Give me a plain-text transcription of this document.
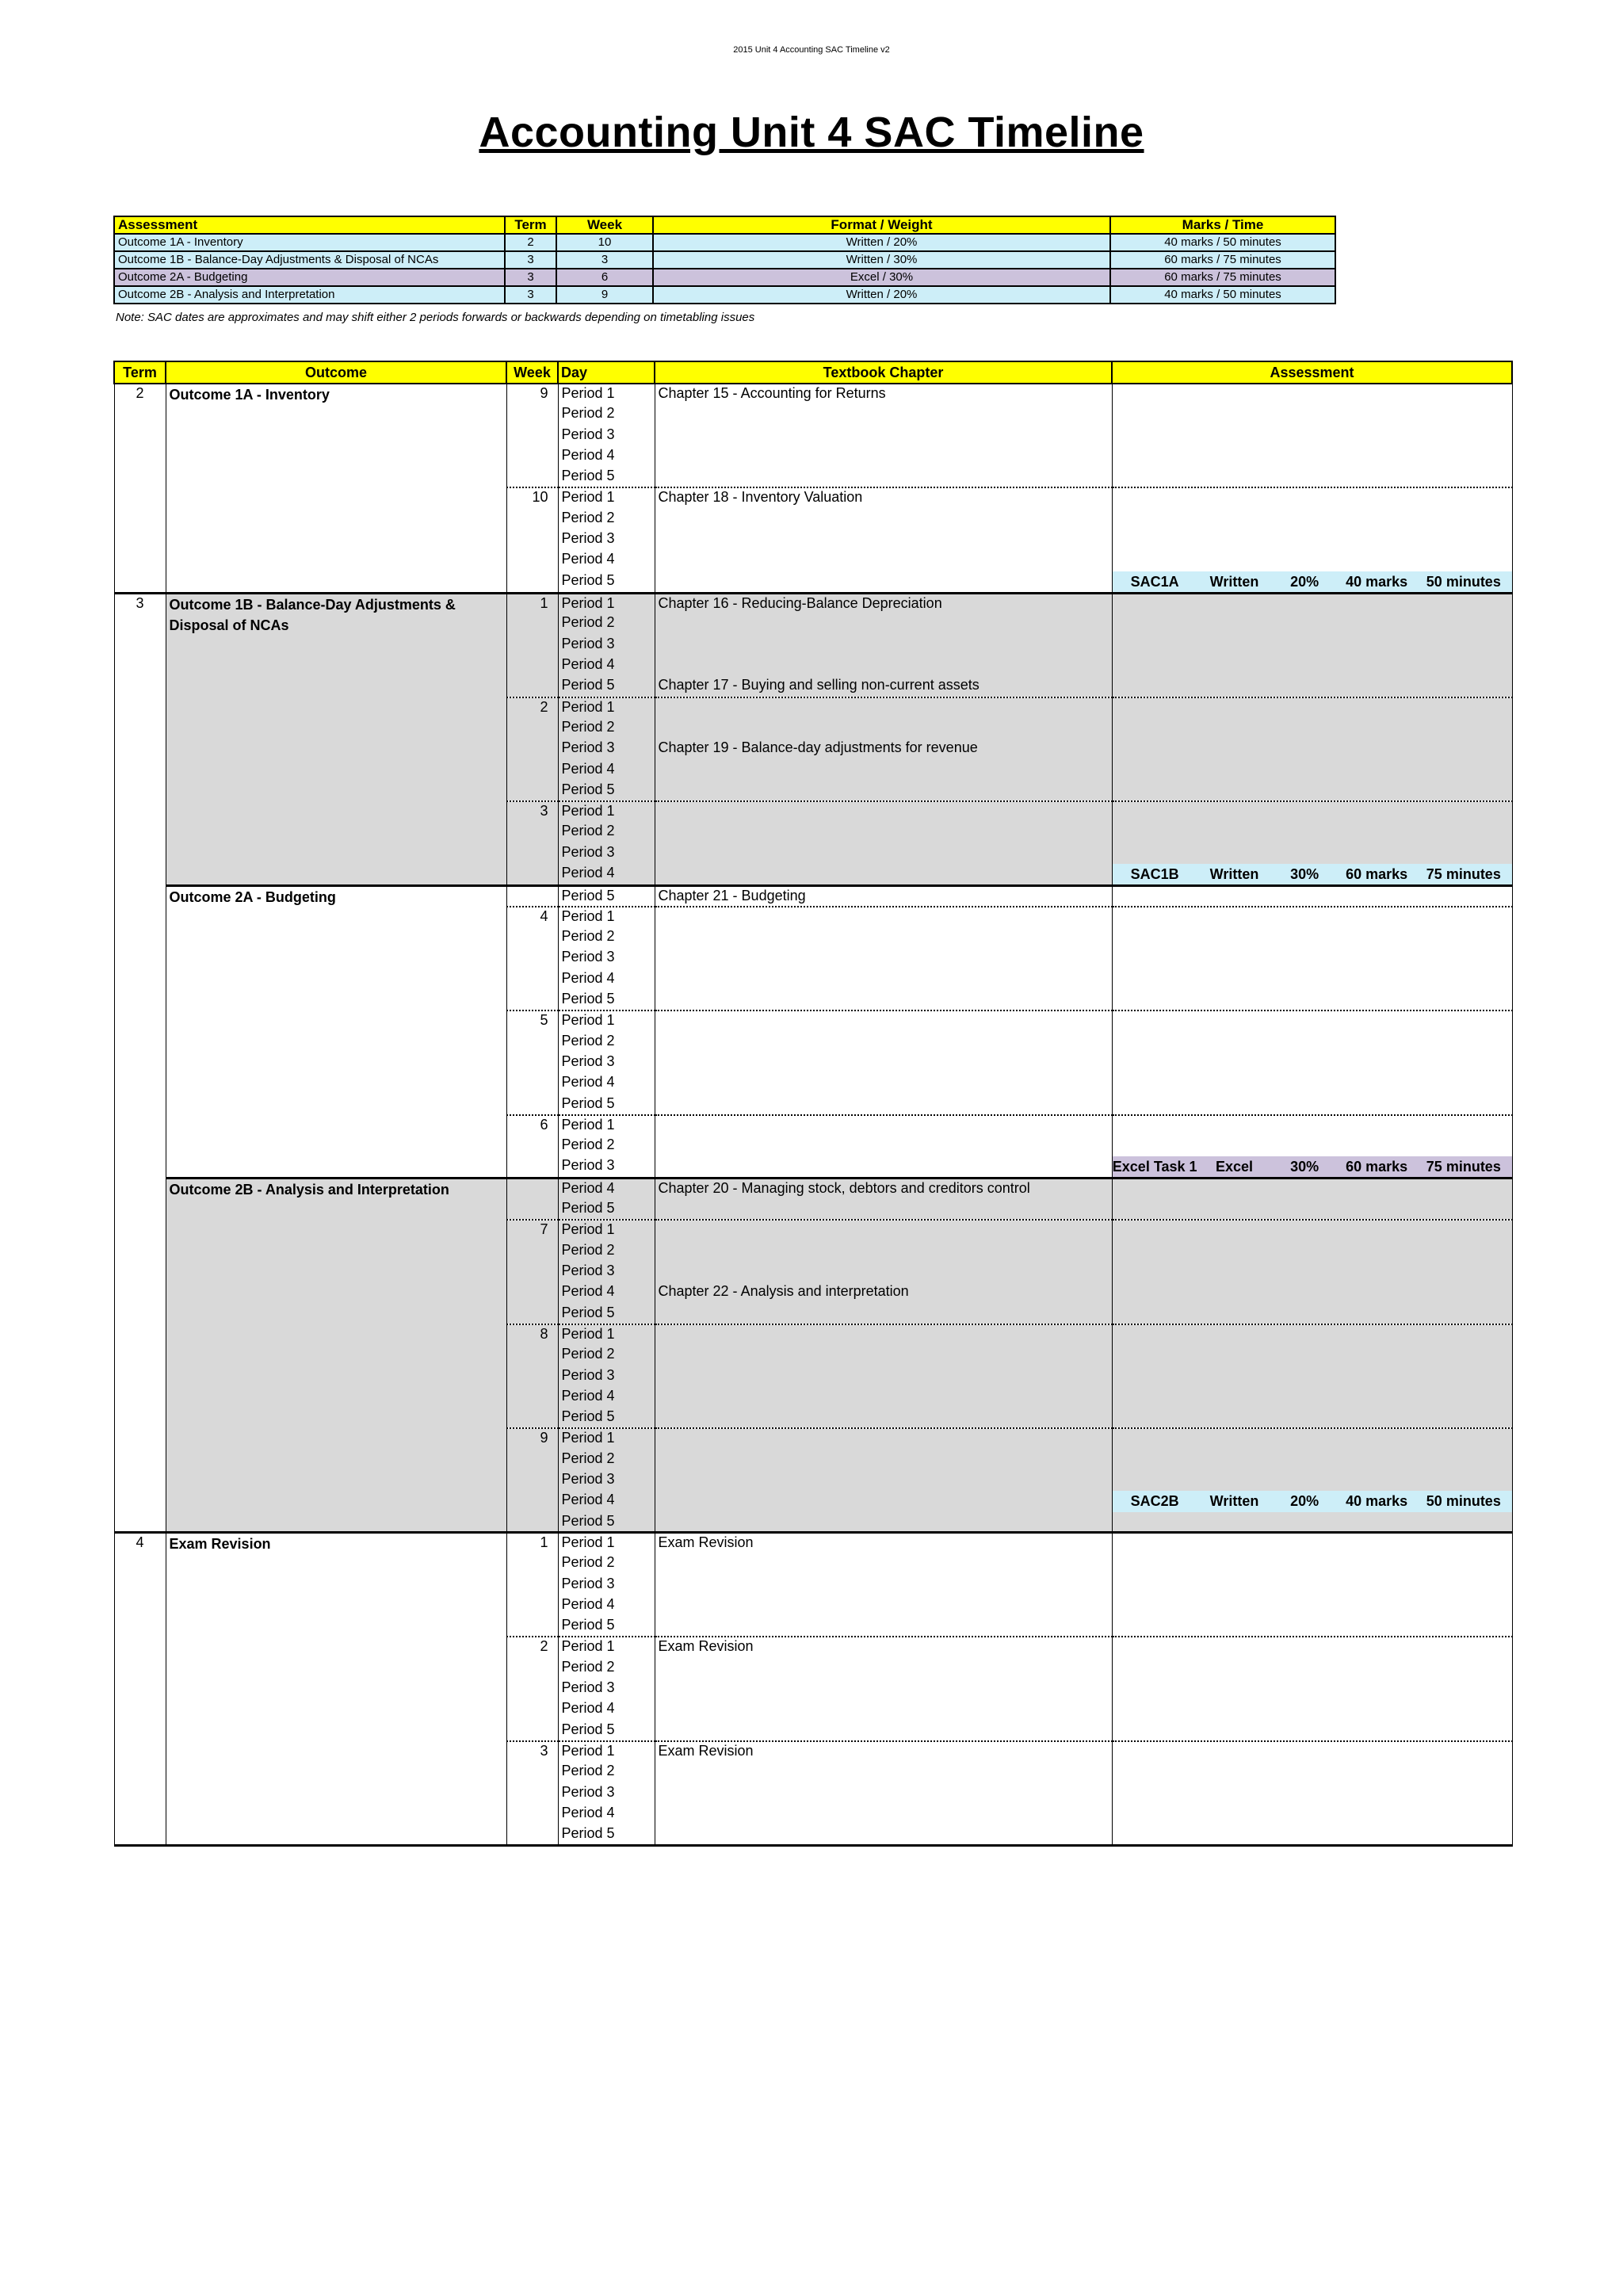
2015 Unit 4 Accounting SAC Timeline v2
Accounting Unit 4 SAC Timeline
Assessment	Term	Week	Format / Weight	Marks / Time
Outcome 1A - Inventory	2	10	Written / 20%	40 marks / 50 minutes
Outcome 1B - Balance-Day Adjustments & Disposal of NCAs	3	3	Written / 30%	60 marks / 75 minutes
Outcome 2A - Budgeting	3	6	Excel / 30%	60 marks / 75 minutes
Outcome 2B - Analysis and Interpretation	3	9	Written / 20%	40 marks / 50 minutes
Note: SAC dates are approximates and may shift either 2 periods forwards or backwards depending on timetabling issues
Term	Outcome	Week	Day	Textbook Chapter	Assessment
2	Outcome 1A - Inventory	9	Period 1	Chapter 15 - Accounting for Returns	
			Period 2		
			Period 3		
			Period 4		
			Period 5		
		10	Period 1	Chapter 18 - Inventory Valuation	
			Period 2		
			Period 3		
			Period 4		
			Period 5		SAC1A Written 20% 40 marks 50 minutes

3	Outcome 1B - Balance-Day Adjustments & Disposal of NCAs	1	Period 1	Chapter 16 - Reducing-Balance Depreciation	
			Period 2		
			Period 3		
			Period 4		
			Period 5	Chapter 17 - Buying and selling non-current assets	
		2	Period 1		
			Period 2		
			Period 3	Chapter 19 - Balance-day adjustments for revenue	
			Period 4		
			Period 5		
		3	Period 1		
			Period 2		
			Period 3		
			Period 4		SAC1B Written 30% 60 marks 75 minutes

	Outcome 2A - Budgeting		Period 5	Chapter 21 - Budgeting	
		4	Period 1		
			Period 2		
			Period 3		
			Period 4		
			Period 5		
		5	Period 1		
			Period 2		
			Period 3		
			Period 4		
			Period 5		
		6	Period 1		
			Period 2		
			Period 3		Excel Task 1 Excel 30% 60 marks 75 minutes

	Outcome 2B - Analysis and Interpretation		Period 4	Chapter 20 - Managing stock, debtors and creditors control	
			Period 5		
		7	Period 1		
			Period 2		
			Period 3		
			Period 4	Chapter 22 - Analysis and interpretation	
			Period 5		
		8	Period 1		
			Period 2		
			Period 3		
			Period 4		
			Period 5		
		9	Period 1		
			Period 2		
			Period 3		
			Period 4		SAC2B Written 20% 40 marks 50 minutes

			Period 5		
4	Exam Revision	1	Period 1	Exam Revision	
			Period 2		
			Period 3		
			Period 4		
			Period 5		
		2	Period 1	Exam Revision	
			Period 2		
			Period 3		
			Period 4		
			Period 5		
		3	Period 1	Exam Revision	
			Period 2		
			Period 3		
			Period 4		
			Period 5		
